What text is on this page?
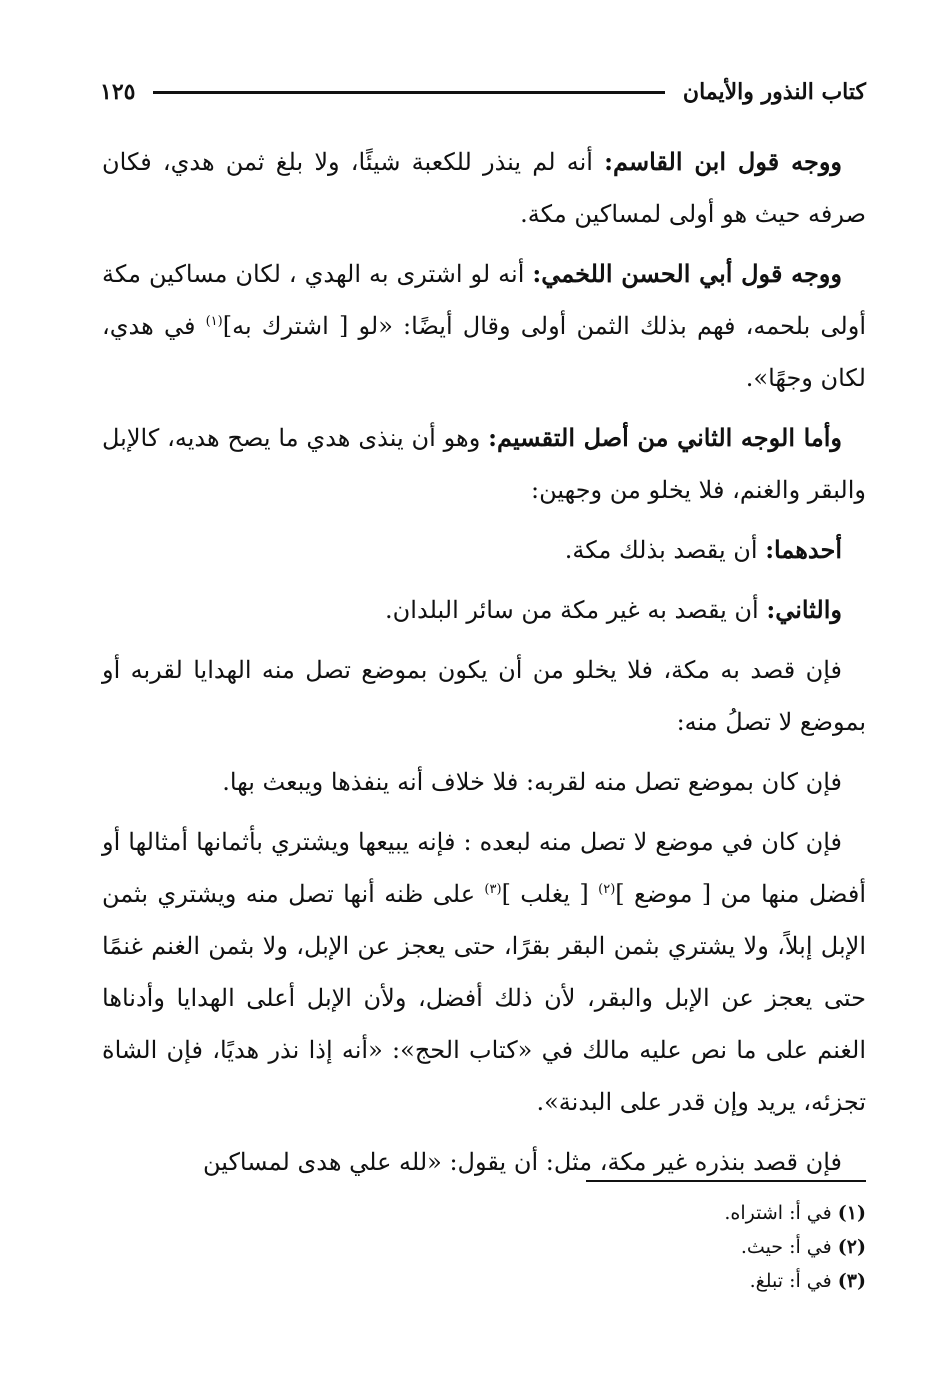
كتاب النذور والأيمان
١٢٥

ووجه قول ابن القاسم: أنه لم ينذر للكعبة شيئًا، ولا بلغ ثمن هدي، فكان صرفه حيث هو أولى لمساكين مكة.

ووجه قول أبي الحسن اللخمي: أنه لو اشترى به الهدي ، لكان مساكين مكة أولى بلحمه، فهم بذلك الثمن أولى وقال أيضًا: «لو [ اشترك به]$^{(١)}$ في هدي، لكان وجهًا».

وأما الوجه الثاني من أصل التقسيم: وهو أن ينذى هدي ما يصح هديه، كالإبل والبقر والغنم، فلا يخلو من وجهين:

أحدهما: أن يقصد بذلك مكة.

والثاني: أن يقصد به غير مكة من سائر البلدان.

فإن قصد به مكة، فلا يخلو من أن يكون بموضع تصل منه الهدايا لقربه أو بموضع لا تصلُ منه:

فإن كان بموضع تصل منه لقربه: فلا خلاف أنه ينفذها ويبعث بها.

فإن كان في موضع لا تصل منه لبعده : فإنه يبيعها ويشتري بأثمانها أمثالها أو أفضل منها من [ موضع ]$^{(٢)}$ [ يغلب ]$^{(٣)}$ على ظنه أنها تصل منه ويشتري بثمن الإبل إبلاً، ولا يشتري بثمن البقر بقرًا، حتى يعجز عن الإبل، ولا بثمن الغنم غنمًا حتى يعجز عن الإبل والبقر، لأن ذلك أفضل، ولأن الإبل أعلى الهدايا وأدناها الغنم على ما نص عليه مالك في «كتاب الحج»: «أنه إذا نذر هديًا، فإن الشاة تجزئه، يريد وإن قدر على البدنة».

فإن قصد بنذره غير مكة، مثل: أن يقول: «لله علي هدى لمساكين

(١) في أ: اشتراه.

(٢) في أ: حيث.

(٣) في أ: تبلغ.
